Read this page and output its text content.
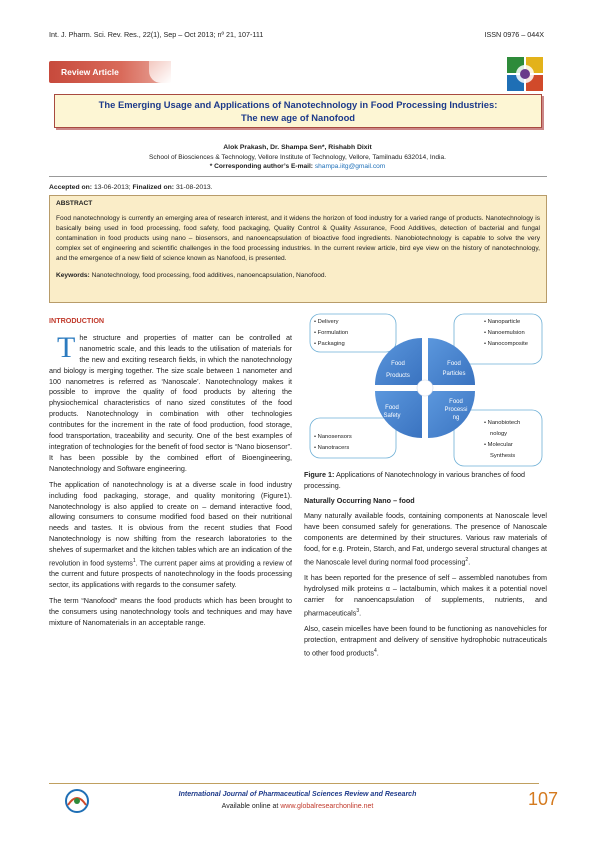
Int. J. Pharm. Sci. Rev. Res., 22(1), Sep – Oct 2013; nº 21, 107-111	ISSN 0976 – 044X
Review Article
The Emerging Usage and Applications of Nanotechnology in Food Processing Industries:
The new age of Nanofood
Alok Prakash, Dr. Shampa Sen*, Rishabh Dixit
School of Biosciences & Technology, Vellore Institute of Technology, Vellore, Tamilnadu 632014, India.
* Corresponding author’s E-mail: shampa.iitg@gmail.com
Accepted on: 13-06-2013; Finalized on: 31-08-2013.
ABSTRACT
Food nanotechnology is currently an emerging area of research interest, and it widens the horizon of food industry for a varied range of products. Nanotechnology is basically being used in food processing, food safety, food packaging, Quality Control & Quality Assurance, Food Additives, detection of bacterial and fungal contamination in food products using nano – biosensors, and nanoencapsulation of bioactive food ingredients. Nanobiotechnology is capable to solve the very complex set of engineering and scientific challenges in the food processing industries. In the current review article, bird eye view on the history of nanotechnology, and the emergence of a new field of science known as Nanofood, is presented.
Keywords: Nanotechnology, food processing, food additives, nanoencapsulation, Nanofood.
INTRODUCTION
The structure and properties of matter can be controlled at nanometric scale, and this leads to the utilisation of materials for the new and exciting research fields, in which the nanotechnology and biology is merging together. The size scale between 1 nanometer and 100 nanometres is referred as ‘Nanoscale’. Nanotechnology makes it possible to improve the quality of food products by altering the physiochemical characteristics of nano sized constitutes of the food products. Nanotechnology in combination with other technologies contributes for the increment in the rate of food production, food storage, food transportation, traceability and security. One of the best examples of integration of technologies for the benefit of food sector is “Nano biosensor”. It has been possible by the combined effort of Bioengineering, Nanotechnology and Software engineering.
The application of nanotechnology is at a diverse scale in food industry including food packaging, storage, and quality monitoring (Figure1). Nanotechnology is also applied to create on – demand interactive food, allowing consumers to consume modified food based on their nutritional needs and tastes. It is obvious from the recent studies that Food Nanotechnology is now shifting from the research laboratories to the shelves of supermarket and the kitchen tables which are an indication of the revolution in food systems$^1$. The current paper aims at providing a review of the current and future prospects of nanotechnology in the foods processing sector, its applications with regards to the consumer safety.
The term “Nanofood” means the food products which has been brought to the consumers using nanotechnology tools and techniques and may have mixture of Nanomaterials in an acceptable range.
Food Products
Food Particles
Food Safety
Food Processi ng
• Delivery • Formulation • Packaging
• Nanoparticle • Nanoemulsion • Nanocomposite
• Nanosensors • Nanotracers
• Nanobiotech nology • Molecular Synthesis
Figure 1: Applications of Nanotechnology in various branches of food processing.
Naturally Occurring Nano – food
Many naturally available foods, containing components at Nanoscale level have been consumed safely for generations. The presence of Nanoscale components are determined by their structures. Various raw materials of food, for e.g. Protein, Starch, and Fat, undergo several structural changes at the Nanoscale level during normal food processing$^2$.
It has been reported for the presence of self – assembled nanotubes from hydrolysed milk proteins α – lactalbumin, which makes it a potential novel carrier for nanoencapsulation of supplements, nutrients, and pharmaceuticals$^3$.
Also, casein micelles have been found to be functioning as nanovehicles for protection, entrapment and delivery of sensitive hydrophobic nutraceuticals to other food products$^4$.
International Journal of Pharmaceutical Sciences Review and Research
Available online at www.globalresearchonline.net	107
